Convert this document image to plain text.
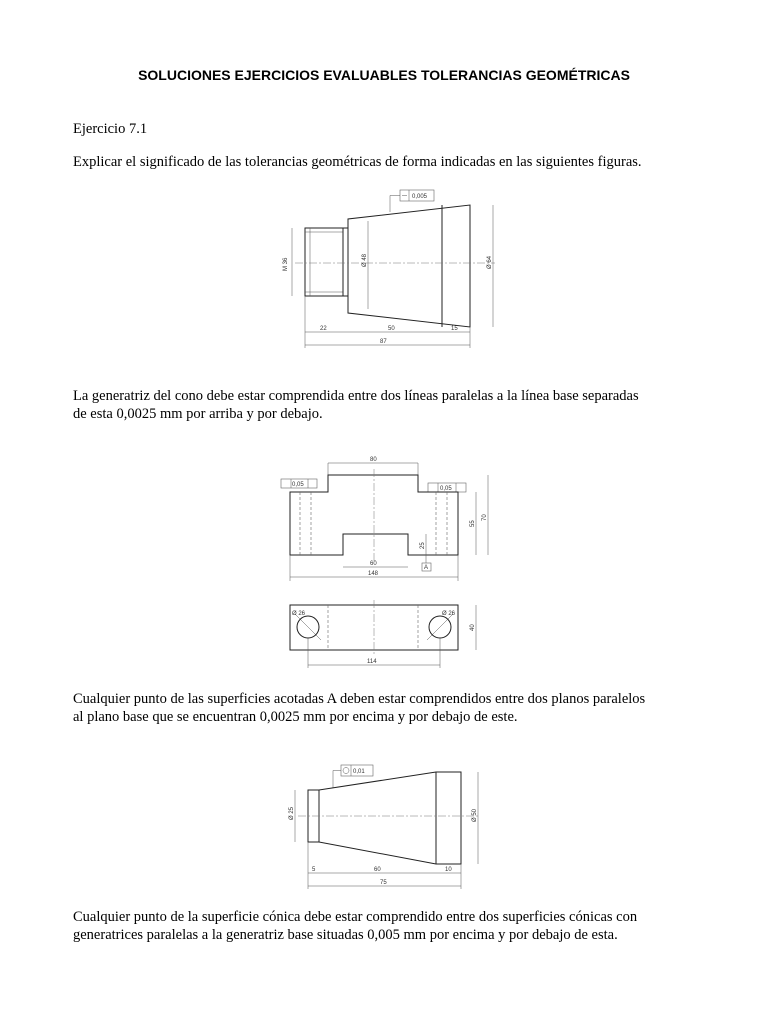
SOLUCIONES EJERCICIOS EVALUABLES TOLERANCIAS GEOMÉTRICAS
Ejercicio 7.1
Explicar el significado de las tolerancias geométricas de forma indicadas en las siguientes figuras.
0,005
M 36	Ø 48	Ø 64
22	50	15
87
La generatriz del cono debe estar comprendida entre dos líneas paralelas a la línea base separadas
de esta 0,0025 mm por arriba y por debajo.
80
0,05
0,05
55
70
25
A
60
148
Ø 26	Ø 26
40
114
Cualquier punto de las superficies acotadas A deben estar comprendidos entre dos planos paralelos
al plano base que se encuentran 0,0025 mm por encima y por debajo de este.
0,01
Ø 25	Ø 50
5	60	10
75
Cualquier punto de la superficie cónica debe estar comprendido entre dos superficies cónicas con
generatrices paralelas a la generatriz base situadas 0,005 mm por encima y por debajo de esta.
